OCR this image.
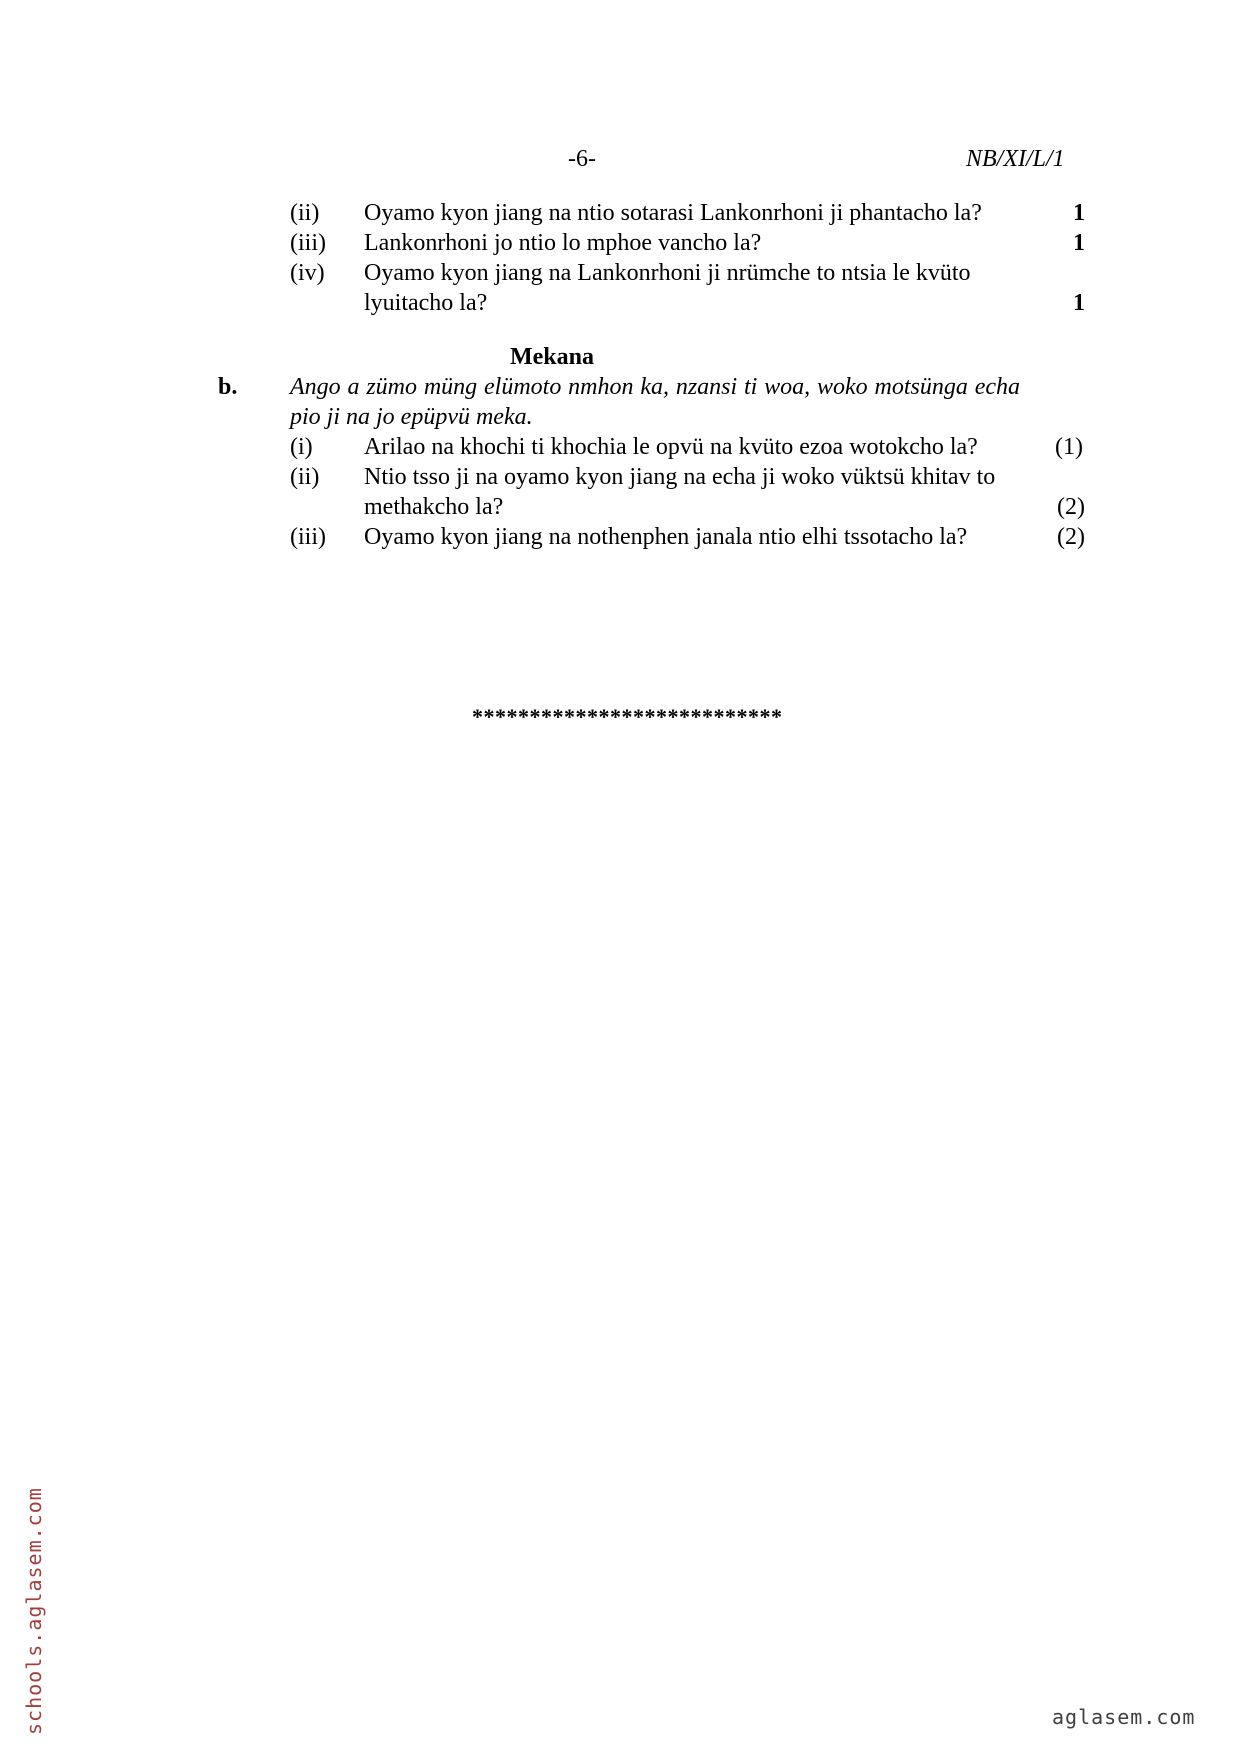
-6-	NB/XI/L/1
(ii) Oyamo kyon jiang na ntio sotarasi Lankonrhoni ji phantacho la?	1
(iii) Lankonrhoni jo ntio lo mphoe vancho la?	1
(iv) Oyamo kyon jiang na Lankonrhoni ji nrümche to ntsia le kvüto
lyuitacho la?	1
Mekana
b. Ango a zümo müng elümoto nmhon ka, nzansi ti woa, woko motsünga echa pio ji na jo epüpvü meka.
(i) Arilao na khochi ti khochia le opvü na kvüto ezoa wotokcho la?	(1)
(ii) Ntio tsso ji na oyamo kyon jiang na echa ji woko vüktsü khitav to
methakcho la?	(2)
(iii) Oyamo kyon jiang na nothenphen janala ntio elhi tssotacho la?	(2)
***************************
schools.aglasem.com	aglasem.com
